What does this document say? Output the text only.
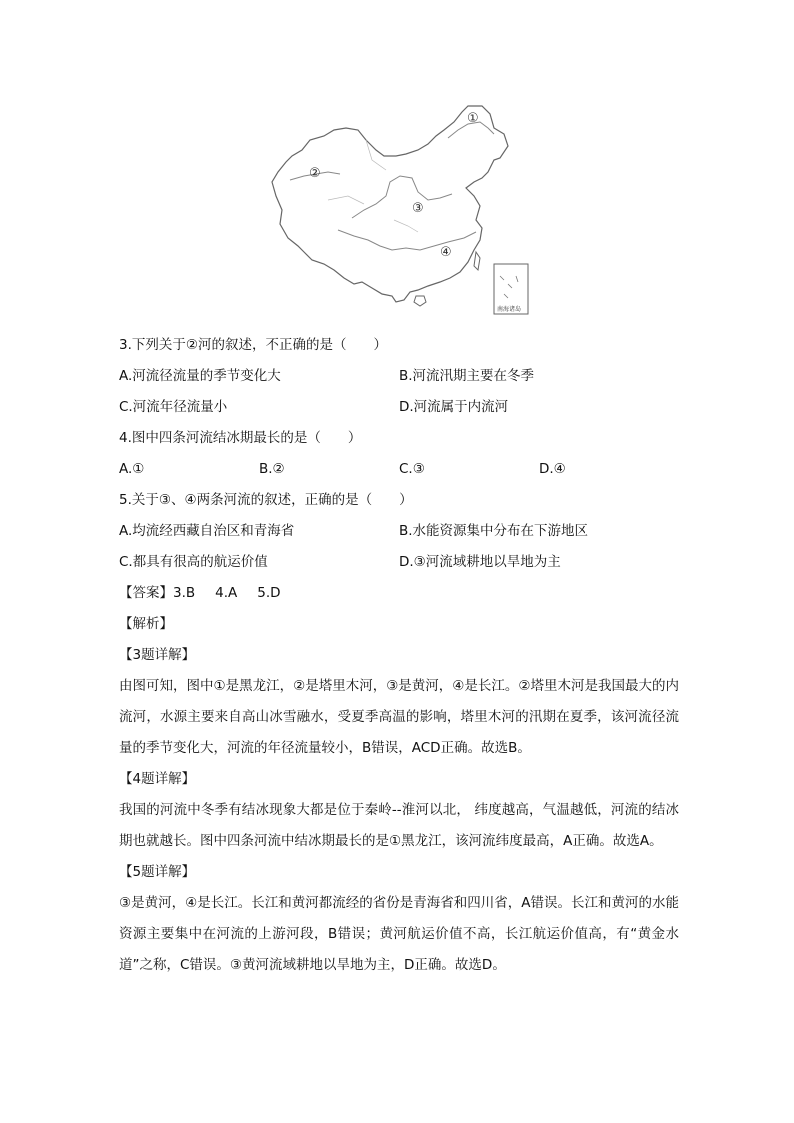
①
②
③
④
南海诸岛
3.下列关于②河的叙述，不正确的是（　　）
A.河流径流量的季节变化大	B.河流汛期主要在冬季
C.河流年径流量小	D.河流属于内流河
4.图中四条河流结冰期最长的是（　　）
A.①	B.②	C.③	D.④
5.关于③、④两条河流的叙述，正确的是（　　）
A.均流经西藏自治区和青海省	B.水能资源集中分布在下游地区
C.都具有很高的航运价值	D.③河流域耕地以旱地为主
【答案】3.B 4.A 5.D
【解析】
【3题详解】
由图可知，图中①是黑龙江，②是塔里木河，③是黄河，④是长江。②塔里木河是我国最大的内流河，水源主要来自高山冰雪融水，受夏季高温的影响，塔里木河的汛期在夏季，该河流径流量的季节变化大，河流的年径流量较小，B错误，ACD正确。故选B。
【4题详解】
我国的河流中冬季有结冰现象大都是位于秦岭--淮河以北， 纬度越高，气温越低，河流的结冰期也就越长。图中四条河流中结冰期最长的是①黑龙江，该河流纬度最高，A正确。故选A。
【5题详解】
③是黄河，④是长江。长江和黄河都流经的省份是青海省和四川省，A错误。长江和黄河的水能资源主要集中在河流的上游河段，B错误；黄河航运价值不高，长江航运价值高，有“黄金水道”之称，C错误。③黄河流域耕地以旱地为主，D正确。故选D。
